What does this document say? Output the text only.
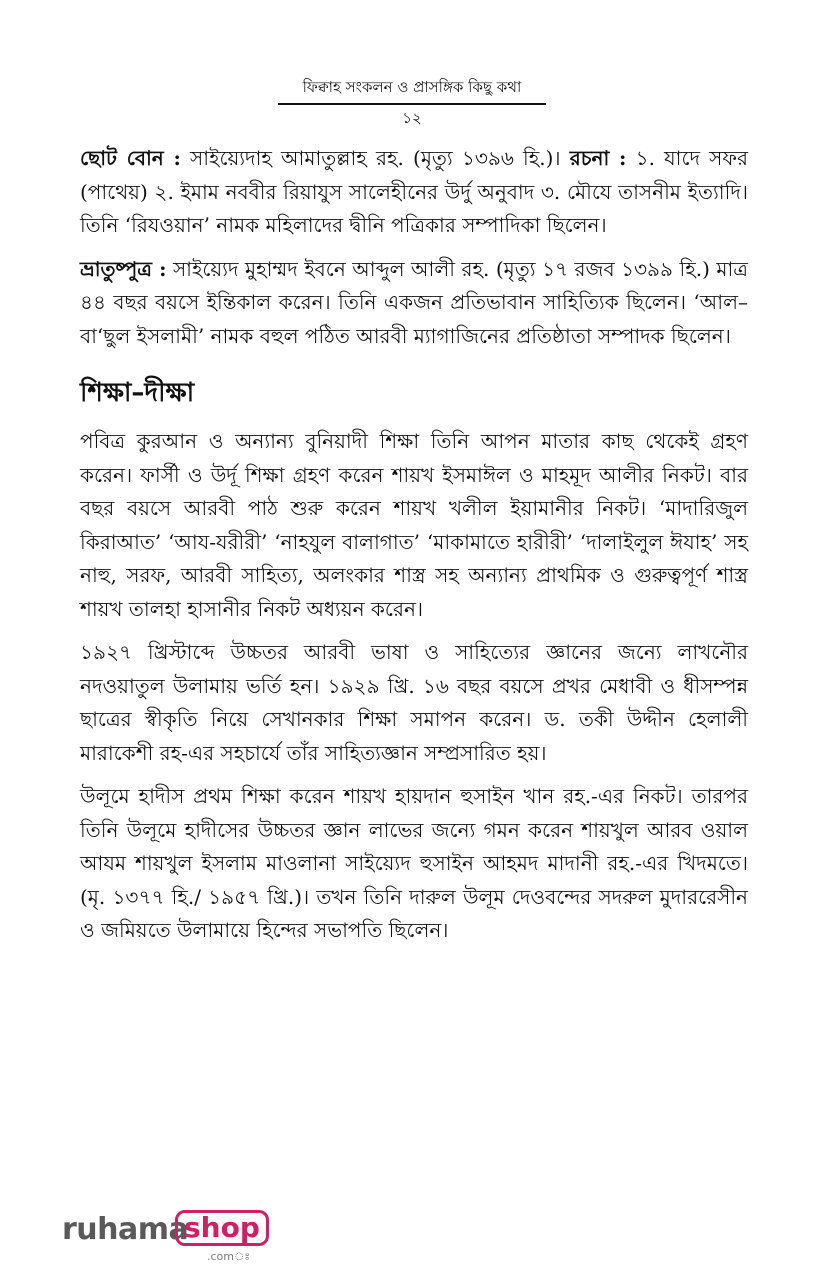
ফিক্বাহ সংকলন ও প্রাসঙ্গিক কিছু কথা
১২

ছোট বোন : সাইয়্যেদাহ আমাতুল্লাহ রহ. (মৃত্যু ১৩৯৬ হি.)। রচনা : ১. যাদে সফর (পাথেয়) ২. ইমাম নববীর রিয়াযুস সালেহীনের উর্দু অনুবাদ ৩. মৌযে তাসনীম ইত্যাদি। তিনি ‘রিযওয়ান’ নামক মহিলাদের দ্বীনি পত্রিকার সম্পাদিকা ছিলেন।

ভ্রাতুষ্পুত্র : সাইয়্যেদ মুহাম্মদ ইবনে আব্দুল আলী রহ. (মৃত্যু ১৭ রজব ১৩৯৯ হি.) মাত্র ৪৪ বছর বয়সে ইন্তিকাল করেন। তিনি একজন প্রতিভাবান সাহিত্যিক ছিলেন। ‘আল–বা‘ছুল ইসলামী’ নামক বহুল পঠিত আরবী ম্যাগাজিনের প্রতিষ্ঠাতা সম্পাদক ছিলেন।

শিক্ষা–দীক্ষা

পবিত্র কুরআন ও অন্যান্য বুনিয়াদী শিক্ষা তিনি আপন মাতার কাছ থেকেই গ্রহণ করেন। ফার্সী ও উর্দূ শিক্ষা গ্রহণ করেন শায়খ ইসমাঈল ও মাহমূদ আলীর নিকট। বার বছর বয়সে আরবী পাঠ শুরু করেন শায়খ খলীল ইয়ামানীর নিকট। ‘মাদারিজুল কিরাআত’ ‘আয-যরীরী’ ‘নাহযুল বালাগাত’ ‘মাকামাতে হারীরী’ ‘দালাইলুল ঈযাহ’ সহ নাহু, সরফ, আরবী সাহিত্য, অলংকার শাস্ত্র সহ অন্যান্য প্রাথমিক ও গুরুত্বপূর্ণ শাস্ত্র শায়খ তালহা হাসানীর নিকট অধ্যয়ন করেন।

১৯২৭ খ্রিস্টাব্দে উচ্চতর আরবী ভাষা ও সাহিত্যের জ্ঞানের জন্যে লাখনৌর নদওয়াতুল উলামায় ভর্তি হন। ১৯২৯ খ্রি. ১৬ বছর বয়সে প্রখর মেধাবী ও ধীসম্পন্ন ছাত্রের স্বীকৃতি নিয়ে সেখানকার শিক্ষা সমাপন করেন। ড. তকী উদ্দীন হেলালী মারাকেশী রহ-এর সহচার্যে তাঁর সাহিত্যজ্ঞান সম্প্রসারিত হয়।

উলূমে হাদীস প্রথম শিক্ষা করেন শায়খ হায়দান হুসাইন খান রহ.-এর নিকট। তারপর তিনি উলূমে হাদীসের উচ্চতর জ্ঞান লাভের জন্যে গমন করেন শায়খুল আরব ওয়াল আযম শায়খুল ইসলাম মাওলানা সাইয়্যেদ হুসাইন আহমদ মাদানী রহ.-এর খিদমতে। (মৃ. ১৩৭৭ হি./ ১৯৫৭ খ্রি.)। তখন তিনি দারুল উলূম দেওবন্দের সদরুল মুদাররেসীন ও জমিয়তে উলামায়ে হিন্দের সভাপতি ছিলেন।

ruhama
shop
.comঃ
